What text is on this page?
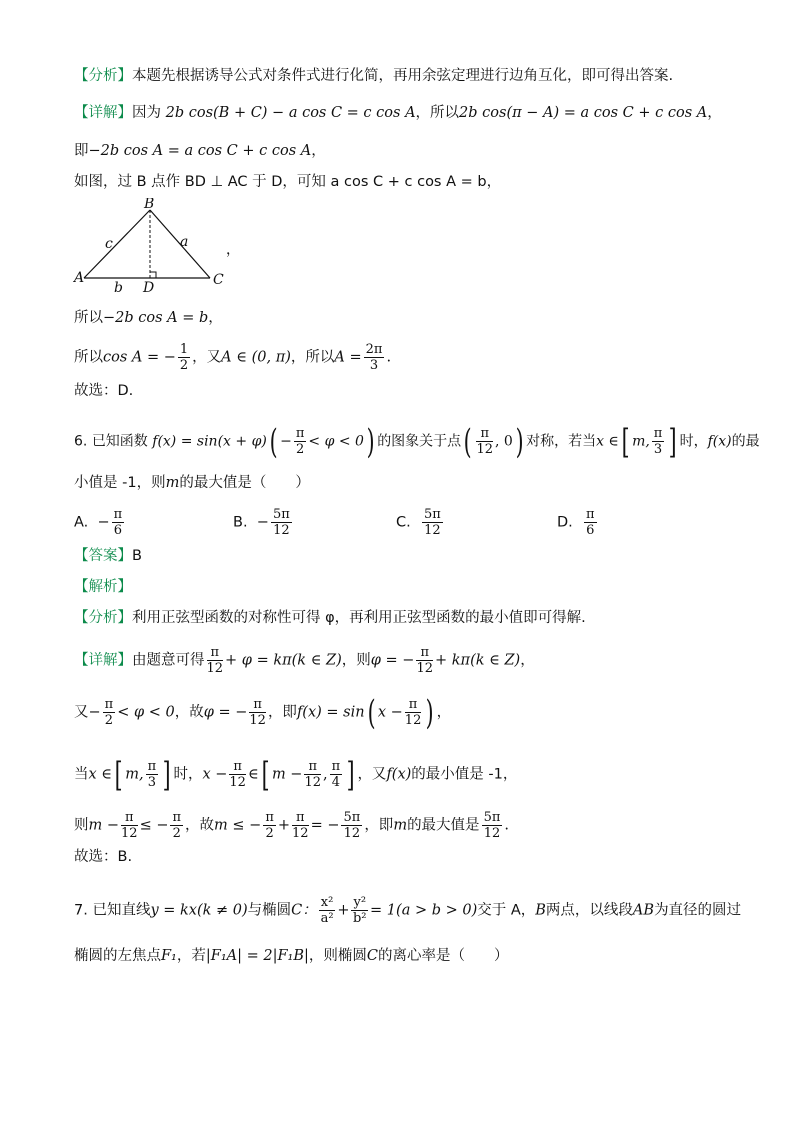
【分析】本题先根据诱导公式对条件式进行化简，再用余弦定理进行边角互化，即可得出答案.
【详解】因为 2b cos(B + C) − a cos C = c cos A，所以2b cos(π − A) = a cos C + c cos A，
即−2b cos A = a cos C + c cos A，
如图，过 B 点作 BD ⊥ AC 于 D，可知 a cos C + c cos A = b，
B
A	C
D
c	a
b
，
所以−2b cos A = b，
所以cos A = − $\frac{1}{2}$ ，又A ∈ (0, π)，所以$A = \frac{2\pi}{3}$ .
故选：D.
6. 已知函数 $f(x) = \sin(x + \varphi)( - \frac{\pi}{2} < \varphi < 0)$ 的图象关于点( $\frac{\pi}{12}$ , 0) 对称，若当x ∈[ m, $\frac{\pi}{3}$ ] 时，f(x)的最
小值是 -1，则m的最大值是（　　）
A. − $\frac{\pi}{6}$	B. − $\frac{5\pi}{12}$	C. $\frac{5\pi}{12}$	D. $\frac{\pi}{6}$
【答案】B
【解析】
【分析】利用正弦型函数的对称性可得 φ，再利用正弦型函数的最小值即可得解.
【详解】由题意可得 $\frac{\pi}{12} + \varphi = k\pi(k$ ∈ Z)，则φ = − $\frac{\pi}{12} + k\pi(k$ ∈ Z)，
又− $\frac{\pi}{2} < \varphi < 0$，故φ = − $\frac{\pi}{12}$ ，即f(x) = sin( $x - \frac{\pi}{12}$ ) ，
当x ∈[ m, $\frac{\pi}{3}$ ] 时，$x - \frac{\pi}{12}$ ∈[ $m - \frac{\pi}{12}$ , $\frac{\pi}{4}$ ] ，又f(x)的最小值是 -1，
则$m - \frac{\pi}{12}$ ≤ − $\frac{\pi}{2}$ ，故m ≤ − $\frac{\pi}{2} + \frac{\pi}{12}$ = − $\frac{5\pi}{12}$ ，即m的最大值是 $\frac{5\pi}{12}$ .
故选：B.
7. 已知直线y = kx(k ≠ 0)与椭圆C： $\frac{\text{x²}}{\text{a²}} + \frac{\text{y²}}{\text{b²}} = 1(a > b > 0)$交于 A，B两点，以线段AB为直径的圆过
椭圆的左焦点F₁，若|F₁A| = 2|F₁B|，则椭圆C的离心率是（　　）
